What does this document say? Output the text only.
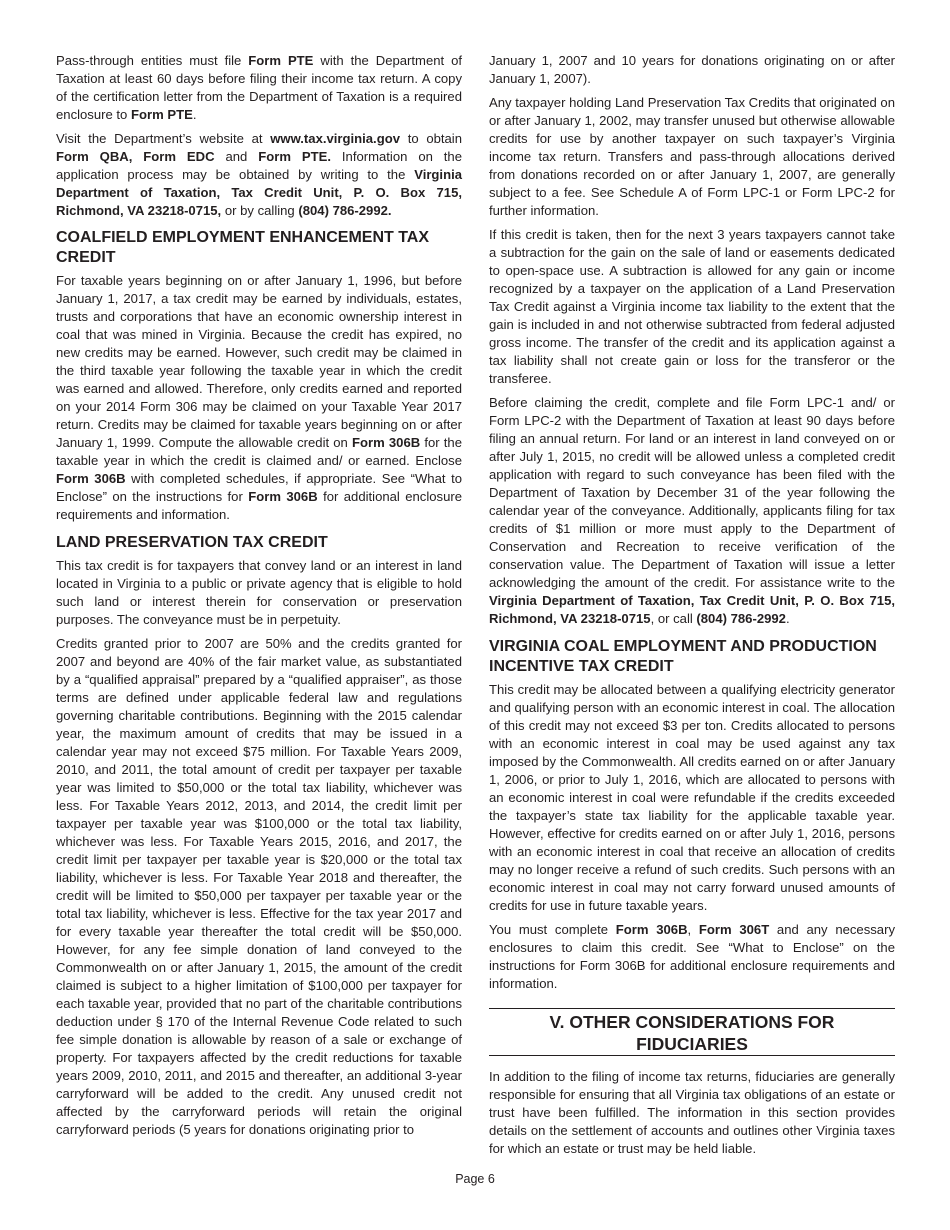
Pass-through entities must file Form PTE with the Department of Taxation at least 60 days before filing their income tax return. A copy of the certification letter from the Department of Taxation is a required enclosure to Form PTE.

Visit the Department’s website at www.tax.virginia.gov to obtain Form QBA, Form EDC and Form PTE. Information on the application process may be obtained by writing to the Virginia Department of Taxation, Tax Credit Unit, P. O. Box 715, Richmond, VA 23218-0715, or by calling (804) 786-2992.

COALFIELD EMPLOYMENT ENHANCEMENT TAX CREDIT

For taxable years beginning on or after January 1, 1996, but before January 1, 2017, a tax credit may be earned by individuals, estates, trusts and corporations that have an economic ownership interest in coal that was mined in Virginia. Because the credit has expired, no new credits may be earned. However, such credit may be claimed in the third taxable year following the taxable year in which the credit was earned and allowed. Therefore, only credits earned and reported on your 2014 Form 306 may be claimed on your Taxable Year 2017 return. Credits may be claimed for taxable years beginning on or after January 1, 1999. Compute the allowable credit on Form 306B for the taxable year in which the credit is claimed and/ or earned. Enclose Form 306B with completed schedules, if appropriate. See “What to Enclose” on the instructions for Form 306B for additional enclosure requirements and information.

LAND PRESERVATION TAX CREDIT

This tax credit is for taxpayers that convey land or an interest in land located in Virginia to a public or private agency that is eligible to hold such land or interest therein for conservation or preservation purposes. The conveyance must be in perpetuity.

Credits granted prior to 2007 are 50% and the credits granted for 2007 and beyond are 40% of the fair market value, as substantiated by a “qualified appraisal” prepared by a “qualified appraiser”, as those terms are defined under applicable federal law and regulations governing charitable contributions. Beginning with the 2015 calendar year, the maximum amount of credits that may be issued in a calendar year may not exceed $75 million. For Taxable Years 2009, 2010, and 2011, the total amount of credit per taxpayer per taxable year was limited to $50,000 or the total tax liability, whichever was less. For Taxable Years 2012, 2013, and 2014, the credit limit per taxpayer per taxable year was $100,000 or the total tax liability, whichever was less. For Taxable Years 2015, 2016, and 2017, the credit limit per taxpayer per taxable year is $20,000 or the total tax liability, whichever is less. For Taxable Year 2018 and thereafter, the credit will be limited to $50,000 per taxpayer per taxable year or the total tax liability, whichever is less. Effective for the tax year 2017 and for every taxable year thereafter the total credit will be $50,000. However, for any fee simple donation of land conveyed to the Commonwealth on or after January 1, 2015, the amount of the credit claimed is subject to a higher limitation of $100,000 per taxpayer for each taxable year, provided that no part of the charitable contributions deduction under § 170 of the Internal Revenue Code related to such fee simple donation is allowable by reason of a sale or exchange of property. For taxpayers affected by the credit reductions for taxable years 2009, 2010, 2011, and 2015 and thereafter, an additional 3-year carryforward will be added to the credit. Any unused credit not affected by the carryforward periods will retain the original carryforward periods (5 years for donations originating prior to

January 1, 2007 and 10 years for donations originating on or after January 1, 2007).

Any taxpayer holding Land Preservation Tax Credits that originated on or after January 1, 2002, may transfer unused but otherwise allowable credits for use by another taxpayer on such taxpayer’s Virginia income tax return. Transfers and pass-through allocations derived from donations recorded on or after January 1, 2007, are generally subject to a fee. See Schedule A of Form LPC-1 or Form LPC-2 for further information.

If this credit is taken, then for the next 3 years taxpayers cannot take a subtraction for the gain on the sale of land or easements dedicated to open-space use. A subtraction is allowed for any gain or income recognized by a taxpayer on the application of a Land Preservation Tax Credit against a Virginia income tax liability to the extent that the gain is included in and not otherwise subtracted from federal adjusted gross income. The transfer of the credit and its application against a tax liability shall not create gain or loss for the transferor or the transferee.

Before claiming the credit, complete and file Form LPC-1 and/ or Form LPC-2 with the Department of Taxation at least 90 days before filing an annual return. For land or an interest in land conveyed on or after July 1, 2015, no credit will be allowed unless a completed credit application with regard to such conveyance has been filed with the Department of Taxation by December 31 of the year following the calendar year of the conveyance. Additionally, applicants filing for tax credits of $1 million or more must apply to the Department of Conservation and Recreation to receive verification of the conservation value. The Department of Taxation will issue a letter acknowledging the amount of the credit. For assistance write to the Virginia Department of Taxation, Tax Credit Unit, P. O. Box 715, Richmond, VA 23218-0715, or call (804) 786-2992.

VIRGINIA COAL EMPLOYMENT AND PRODUCTION INCENTIVE TAX CREDIT

This credit may be allocated between a qualifying electricity generator and qualifying person with an economic interest in coal. The allocation of this credit may not exceed $3 per ton. Credits allocated to persons with an economic interest in coal may be used against any tax imposed by the Commonwealth. All credits earned on or after January 1, 2006, or prior to July 1, 2016, which are allocated to persons with an economic interest in coal were refundable if the credits exceeded the taxpayer’s state tax liability for the applicable taxable year. However, effective for credits earned on or after July 1, 2016, persons with an economic interest in coal that receive an allocation of credits may no longer receive a refund of such credits. Such persons with an economic interest in coal may not carry forward unused amounts of credits for use in future taxable years.

You must complete Form 306B, Form 306T and any necessary enclosures to claim this credit. See “What to Enclose” on the instructions for Form 306B for additional enclosure requirements and information.

V. OTHER CONSIDERATIONS FOR
FIDUCIARIES

In addition to the filing of income tax returns, fiduciaries are generally responsible for ensuring that all Virginia tax obligations of an estate or trust have been fulfilled. The information in this section provides details on the settlement of accounts and outlines other Virginia taxes for which an estate or trust may be held liable.

Page 6
